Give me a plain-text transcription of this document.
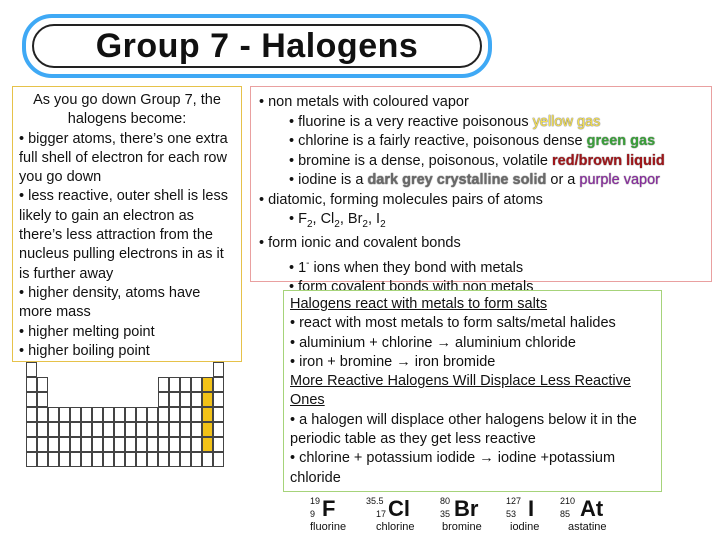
Group 7 - Halogens
As you go down Group 7, the halogens become:
• bigger atoms, there’s one extra full shell of electron for each row you go down
• less reactive, outer shell is less likely to gain an electron as there’s less attraction from the nucleus pulling electrons in as it is further away
• higher density, atoms have more mass
• higher melting point
• higher boiling point
• non metals with coloured vapor
• fluorine is a very reactive poisonous yellow gas
• chlorine is a fairly reactive, poisonous dense green gas
• bromine is a dense, poisonous, volatile red/brown liquid
• iodine is a dark grey crystalline solid or a purple vapor
• diatomic, forming molecules pairs of atoms
• $F_2$, $Cl_2$, $Br_2$, $I_2$
• form ionic and covalent bonds
• 1- ions when they bond with metals
• form covalent bonds with non metals
Halogens react with metals to form salts
• react with most metals to form salts/metal halides
• aluminium + chlorine → aluminium chloride
• iron + bromine → iron bromide
More Reactive Halogens Will Displace Less Reactive Ones
• a halogen will displace other halogens below it in the periodic table as they get less reactive
• chlorine + potassium iodide → iodine +potassium chloride
19
9 F
fluorine
35.5
17 Cl
chlorine
80
35 Br
bromine
127
53 I
iodine
210
85 At
astatine
